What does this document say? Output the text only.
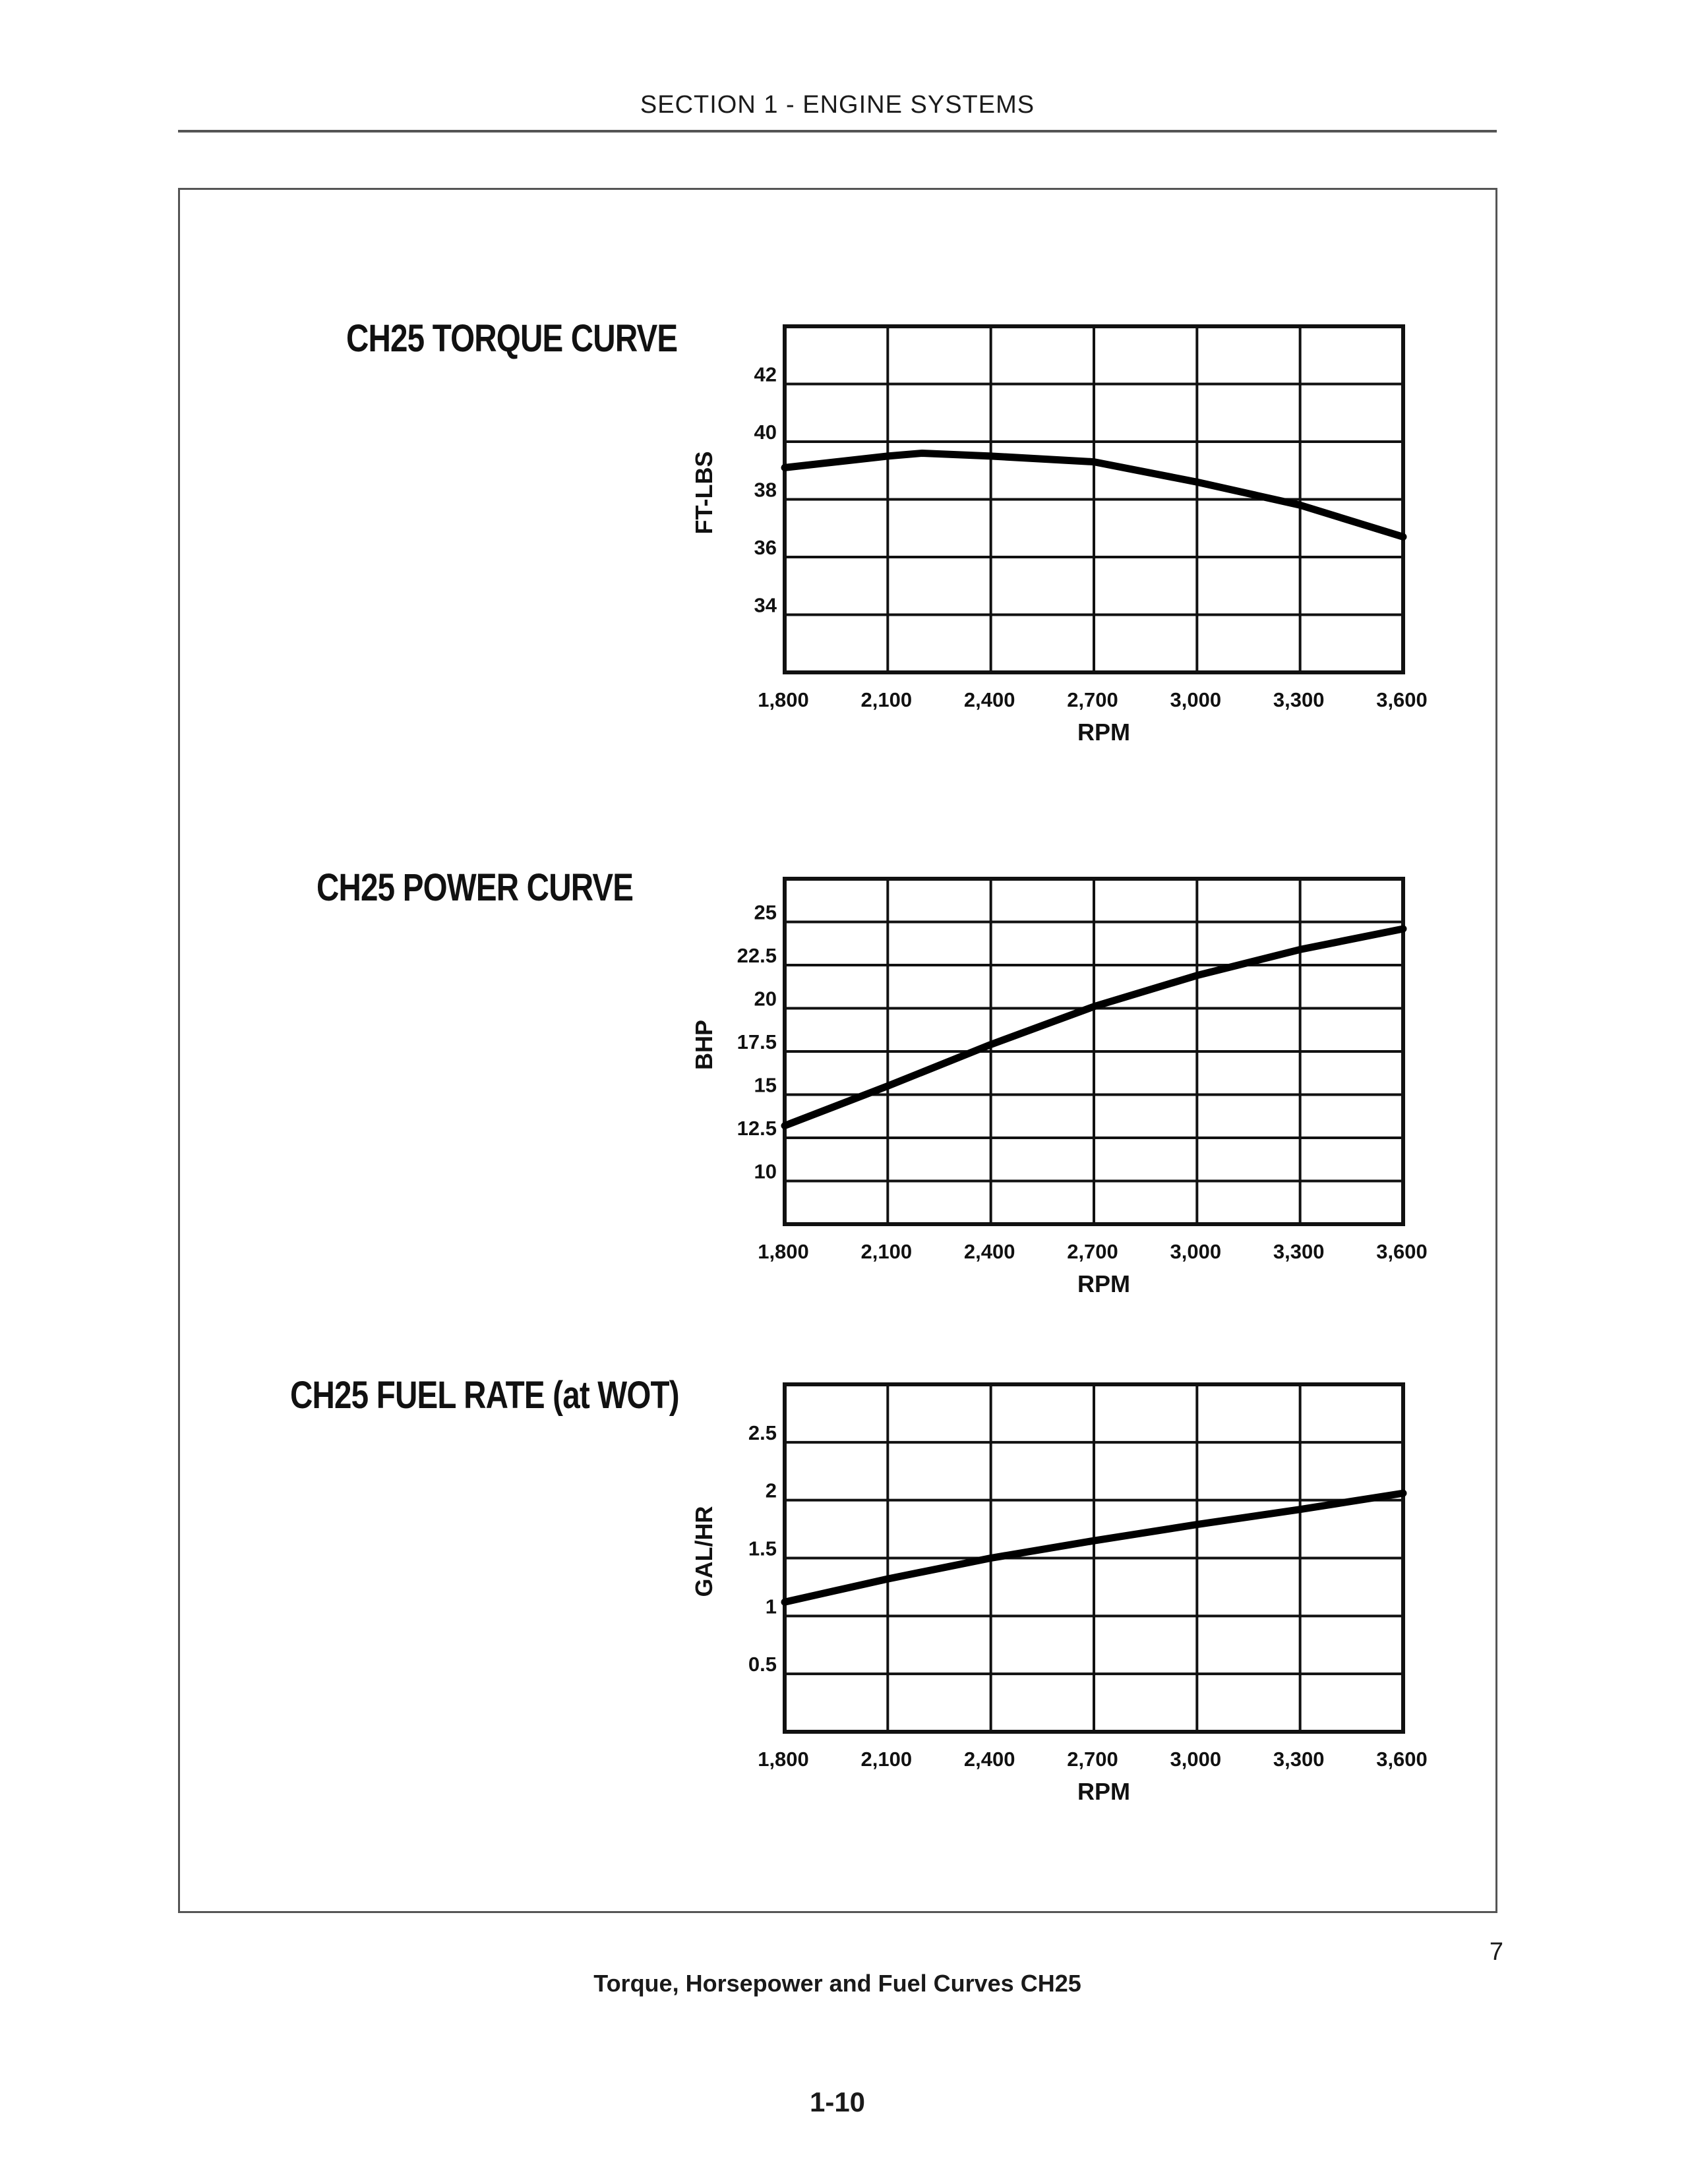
SECTION 1 - ENGINE SYSTEMS
CH25 TORQUE CURVE
CH25 POWER CURVE
CH25 FUEL RATE (at WOT)
42
40
38
36
34
1,800	2,100	2,400	2,700	3,000	3,300	3,600
RPM
FT-LBS
25
22.5
20
17.5
15
12.5
10
1,800	2,100	2,400	2,700	3,000	3,300	3,600
RPM
BHP
2.5
2
1.5
1
0.5
1,800	2,100	2,400	2,700	3,000	3,300	3,600
RPM
GAL/HR
7
Torque, Horsepower and Fuel Curves CH25
1-10
